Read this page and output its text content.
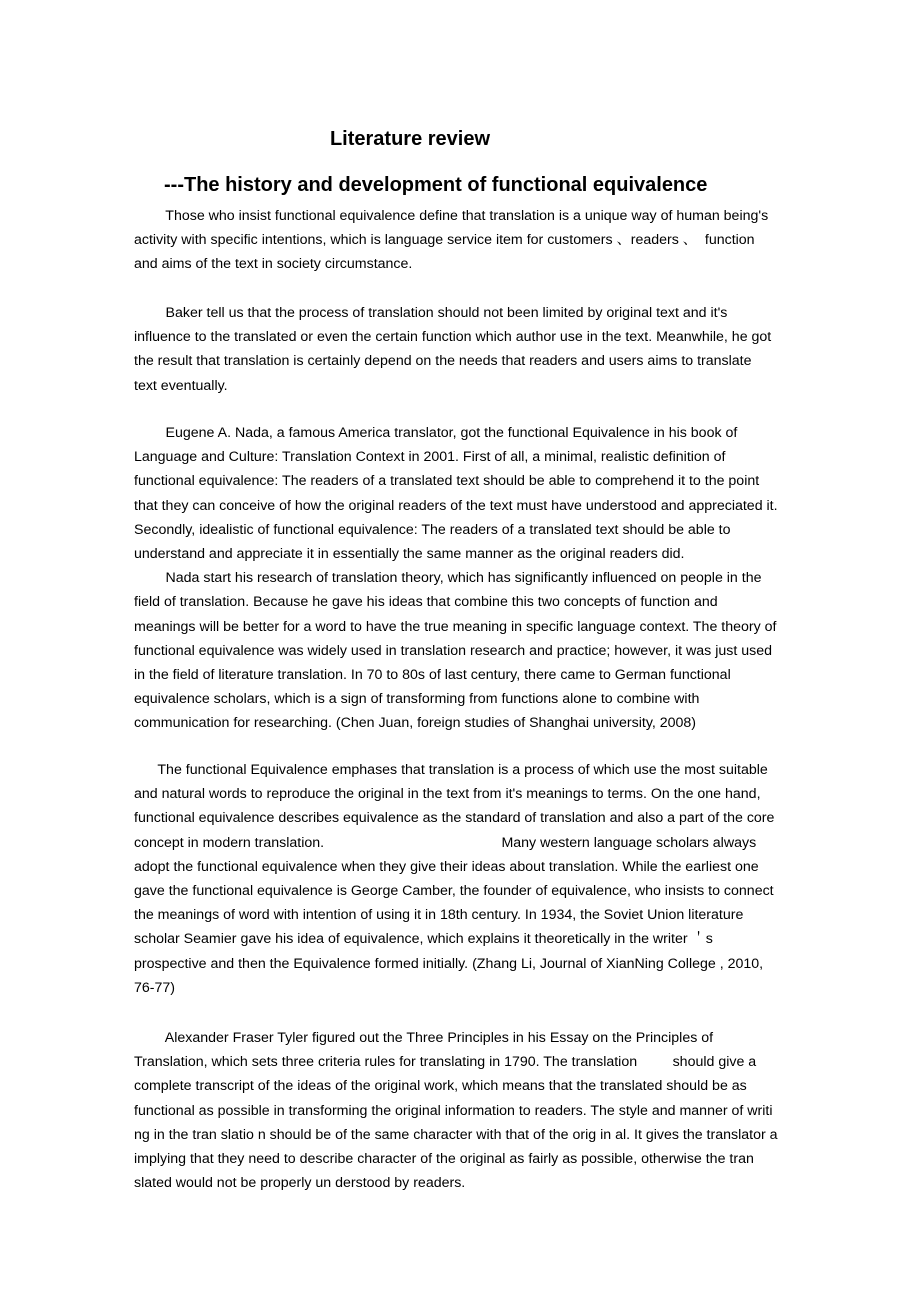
Literature review
---The history and development of functional equivalence
Those who insist functional equivalence define that translation is a unique way of human being's
activity with specific intentions, which is language service item for customers 、readers 、  function
and aims of the text in society circumstance.
Baker tell us that the process of translation should not been limited by original text and it's
influence to the translated or even the certain function which author use in the text. Meanwhile, he got
the result that translation is certainly depend on the needs that readers and users aims to translate
text eventually.
Eugene A. Nada, a famous America translator, got the functional Equivalence in his book of
Language and Culture: Translation Context in 2001. First of all, a minimal, realistic definition of
functional equivalence: The readers of a translated text should be able to comprehend it to the point
that they can conceive of how the original readers of the text must have understood and appreciated it.
Secondly, idealistic of functional equivalence: The readers of a translated text should be able to
understand and appreciate it in essentially the same manner as the original readers did.
Nada start his research of translation theory, which has significantly influenced on people in the
field of translation. Because he gave his ideas that combine this two concepts of function and
meanings will be better for a word to have the true meaning in specific language context. The theory of
functional equivalence was widely used in translation research and practice; however, it was just used
in the field of literature translation. In 70 to 80s of last century, there came to German functional
equivalence scholars, which is a sign of transforming from functions alone to combine with
communication for researching. (Chen Juan, foreign studies of Shanghai university, 2008)
The functional Equivalence emphases that translation is a process of which use the most suitable
and natural words to reproduce the original in the text from it's meanings to terms. On the one hand,
functional equivalence describes equivalence as the standard of translation and also a part of the core
concept in modern translation.                                             Many western language scholars always
adopt the functional equivalence when they give their ideas about translation. While the earliest one
gave the functional equivalence is George Camber, the founder of equivalence, who insists to connect
the meanings of word with intention of using it in 18th century. In 1934, the Soviet Union literature
scholar Seamier gave his idea of equivalence, which explains it theoretically in the writer ＇s
prospective and then the Equivalence formed initially. (Zhang Li, Journal of XianNing College , 2010,
76-77)
Alexander Fraser Tyler figured out the Three Principles in his Essay on the Principles of
Translation, which sets three criteria rules for translating in 1790. The translation         should give a
complete transcript of the ideas of the original work, which means that the translated should be as
functional as possible in transforming the original information to readers. The style and manner of writi
ng in the tran slatio n should be of the same character with that of the orig in al. It gives the translator a
implying that they need to describe character of the original as fairly as possible, otherwise the tran
slated would not be properly un derstood by readers.
